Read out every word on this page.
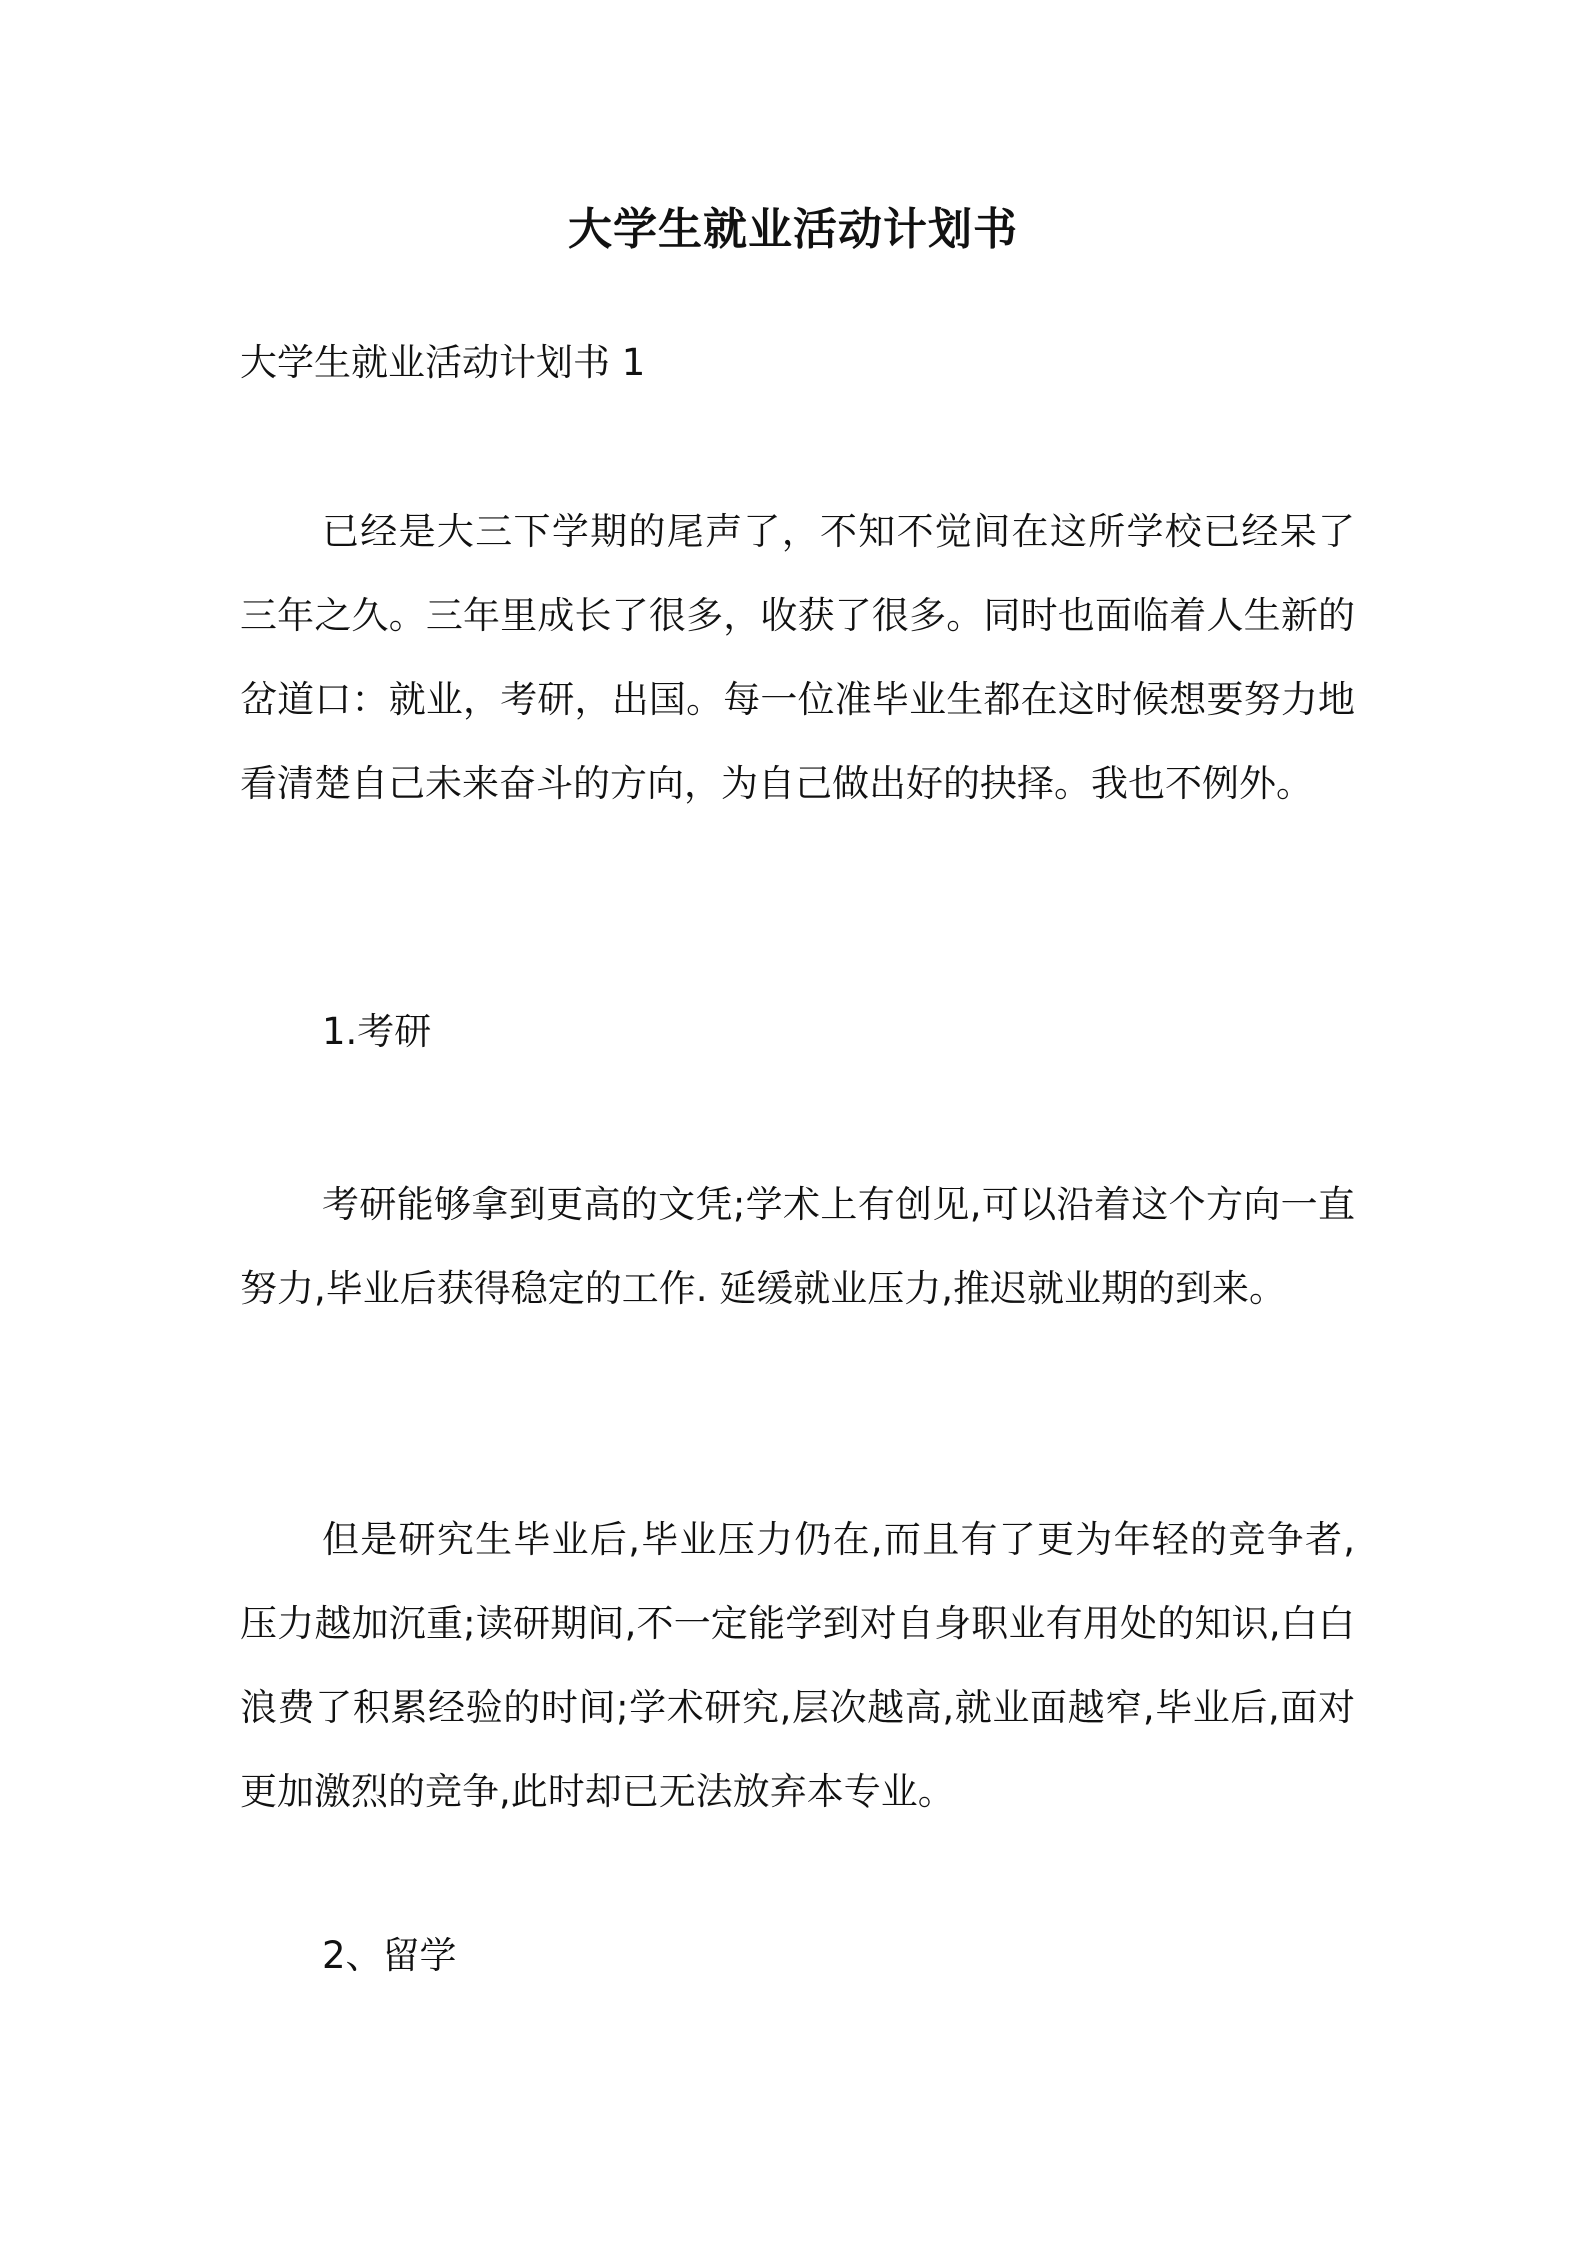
大学生就业活动计划书

大学生就业活动计划书 1

已经是大三下学期的尾声了，不知不觉间在这所学校已经呆了三年之久。三年里成长了很多，收获了很多。同时也面临着人生新的岔道口：就业，考研，出国。每一位准毕业生都在这时候想要努力地看清楚自己未来奋斗的方向，为自己做出好的抉择。我也不例外。

1.考研

考研能够拿到更高的文凭;学术上有创见,可以沿着这个方向一直努力,毕业后获得稳定的工作. 延缓就业压力,推迟就业期的到来。

但是研究生毕业后,毕业压力仍在,而且有了更为年轻的竞争者,压力越加沉重;读研期间,不一定能学到对自身职业有用处的知识,白白浪费了积累经验的时间;学术研究,层次越高,就业面越窄,毕业后,面对更加激烈的竞争,此时却已无法放弃本专业。

2、留学
